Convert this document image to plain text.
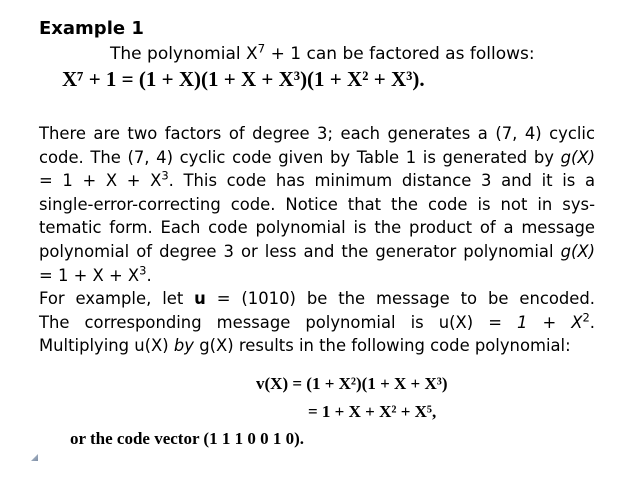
Example 1
The polynomial $X^7 + 1$ can be factored as follows:
X⁷ + 1 = (1 + X)(1 + X + X³)(1 + X² + X³).
There are two factors of degree 3; each generates a (7, 4) cyclic
code. The (7, 4) cyclic code given by Table 1 is generated by g(X)
= $1 + X + X^3$. This code has minimum distance 3 and it is a
single-error-correcting code. Notice that the code is not in sys-
tematic form. Each code polynomial is the product of a message
polynomial of degree 3 or less and the generator polynomial g(X)
= $1 + X + X^3$.
For example, let u = (1010) be the message to be encoded.
The corresponding message polynomial is $u(X) = 1 + X^2$.
Multiplying u(X) by g(X) results in the following code polynomial:
v(X) = (1 + X²)(1 + X + X³)
= 1 + X + X² + X⁵,
or the code vector (1 1 1 0 0 1 0).
